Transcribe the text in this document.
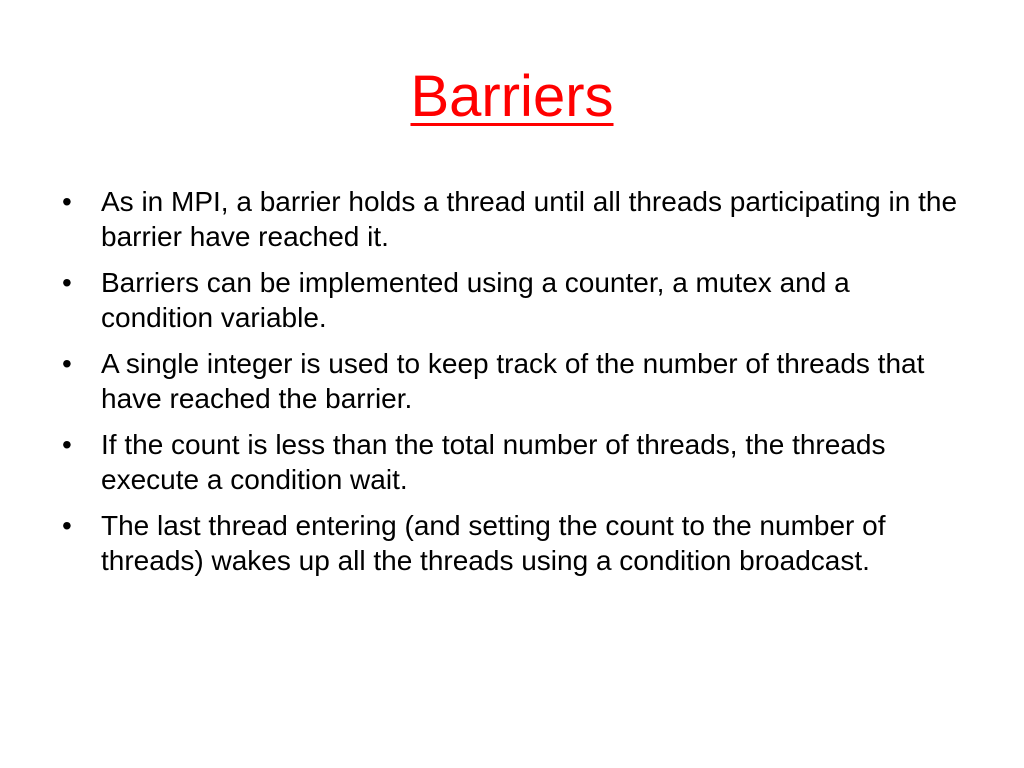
Barriers
•	As in MPI, a barrier holds a thread until all threads participating in the barrier have reached it.
•	Barriers can be implemented using a counter, a mutex and a condition variable.
•	A single integer is used to keep track of the number of threads that have reached the barrier.
•	If the count is less than the total number of threads, the threads execute a condition wait.
•	The last thread entering (and setting the count to the number of threads) wakes up all the threads using a condition broadcast.
